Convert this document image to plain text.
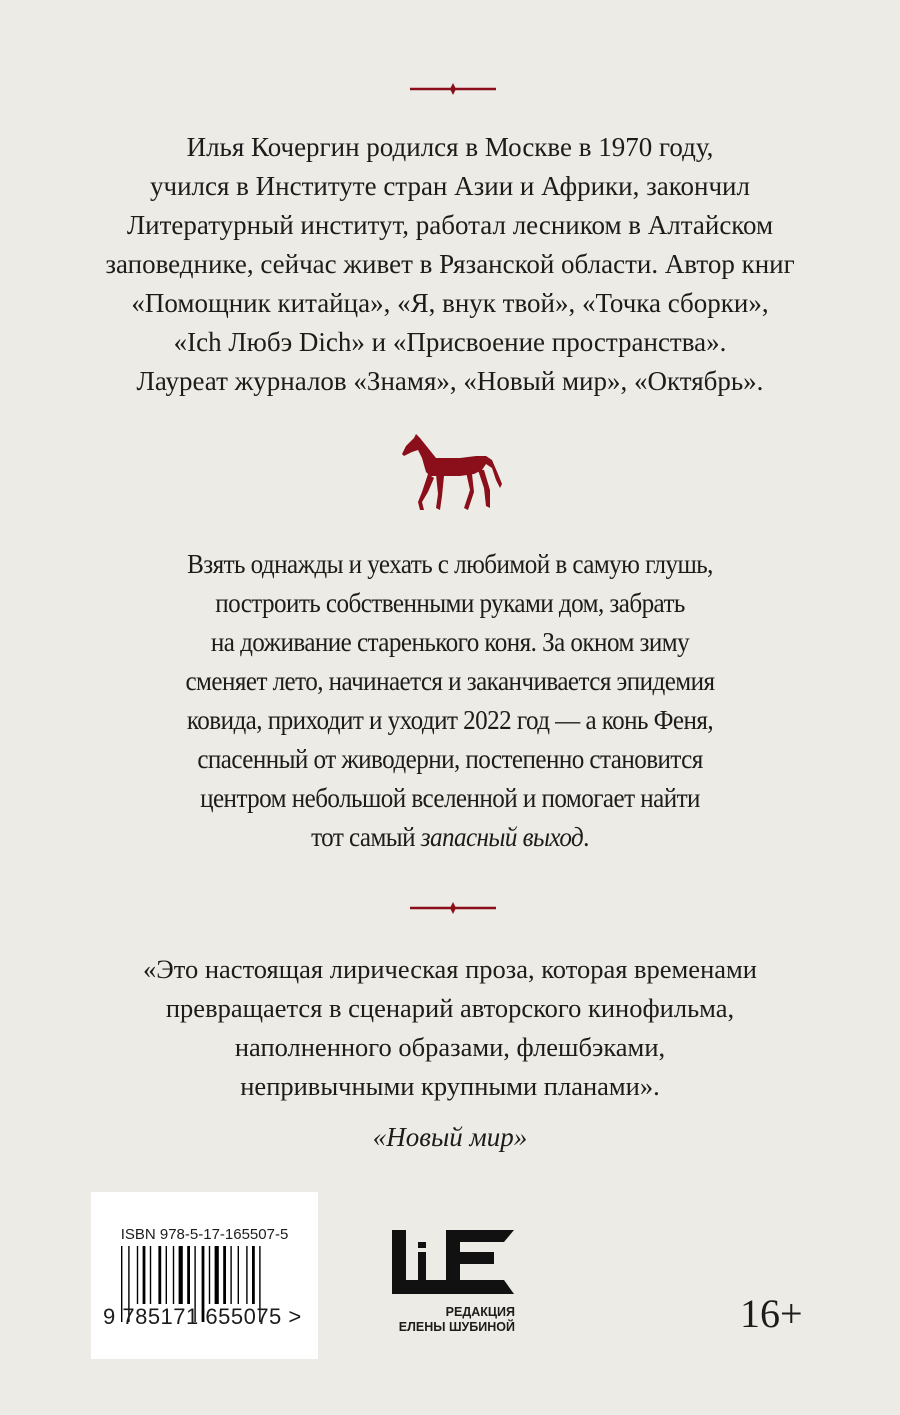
Илья Кочергин родился в Москве в 1970 году,
учился в Институте стран Азии и Африки, закончил
Литературный институт, работал лесником в Алтайском
заповеднике, сейчас живет в Рязанской области. Автор книг
«Помощник китайца», «Я, внук твой», «Точка сборки»,
«Ich Любэ Dich» и «Присвоение пространства».
Лауреат журналов «Знамя», «Новый мир», «Октябрь».
Взять однажды и уехать с любимой в самую глушь,
построить собственными руками дом, забрать
на доживание старенького коня. За окном зиму
сменяет лето, начинается и заканчивается эпидемия
ковида, приходит и уходит 2022 год — а конь Феня,
спасенный от живодерни, постепенно становится
центром небольшой вселенной и помогает найти
тот самый запасный выход.
«Это настоящая лирическая проза, которая временами
превращается в сценарий авторского кинофильма,
наполненного образами, флешбэками,
непривычными крупными планами».
«Новый мир»
ISBN 978-5-17-165507-5
9 785171 655075 >	РЕДАКЦИЯ
ЕЛЕНЫ ШУБИНОЙ	16+
